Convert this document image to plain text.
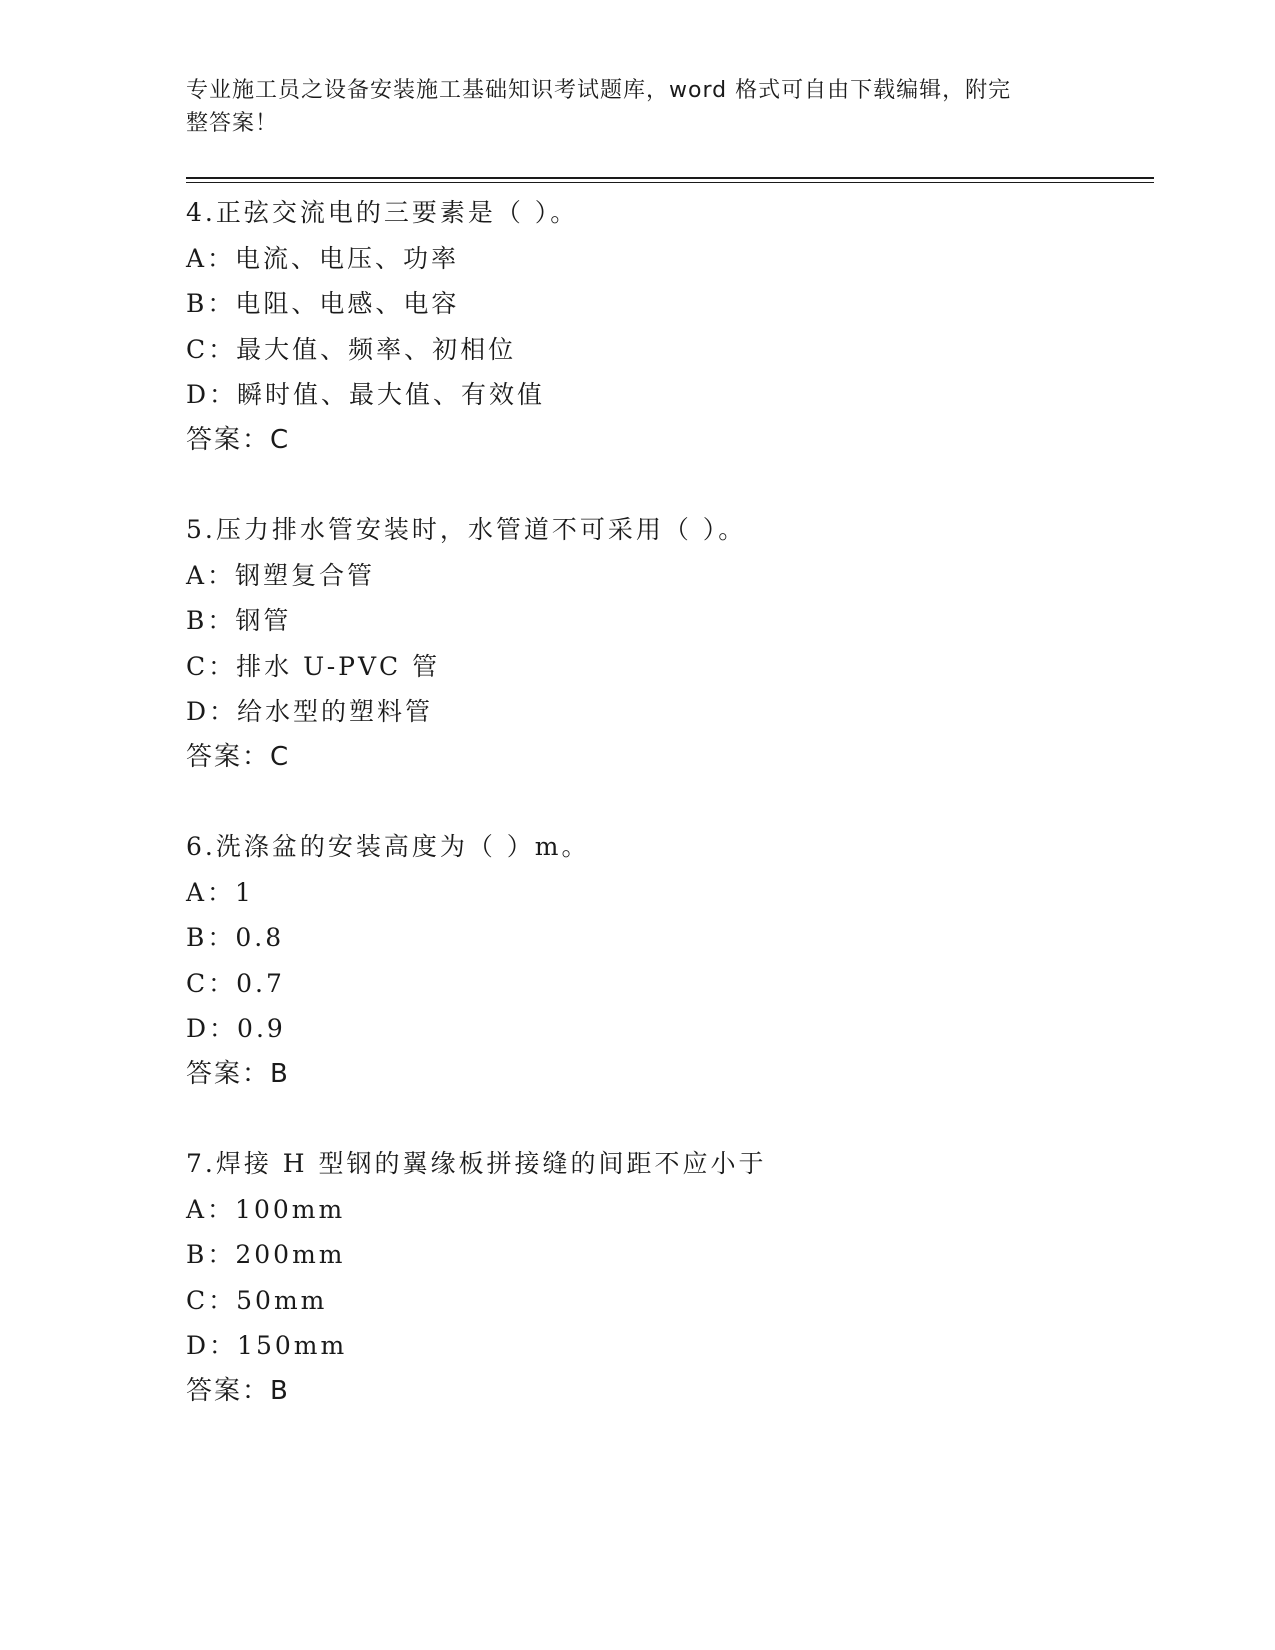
专业施工员之设备安装施工基础知识考试题库，word 格式可自由下载编辑，附完
整答案！
4.正弦交流电的三要素是（ ）。
A：电流、电压、功率
B：电阻、电感、电容
C：最大值、频率、初相位
D：瞬时值、最大值、有效值
答案：C
5.压力排水管安装时，水管道不可采用（ ）。
A：钢塑复合管
B：钢管
C：排水 U-PVC 管
D：给水型的塑料管
答案：C
6.洗涤盆的安装高度为（ ）m。
A：1
B：0.8
C：0.7
D：0.9
答案：B
7.焊接 H 型钢的翼缘板拼接缝的间距不应小于
A：100mm
B：200mm
C：50mm
D：150mm
答案：B
